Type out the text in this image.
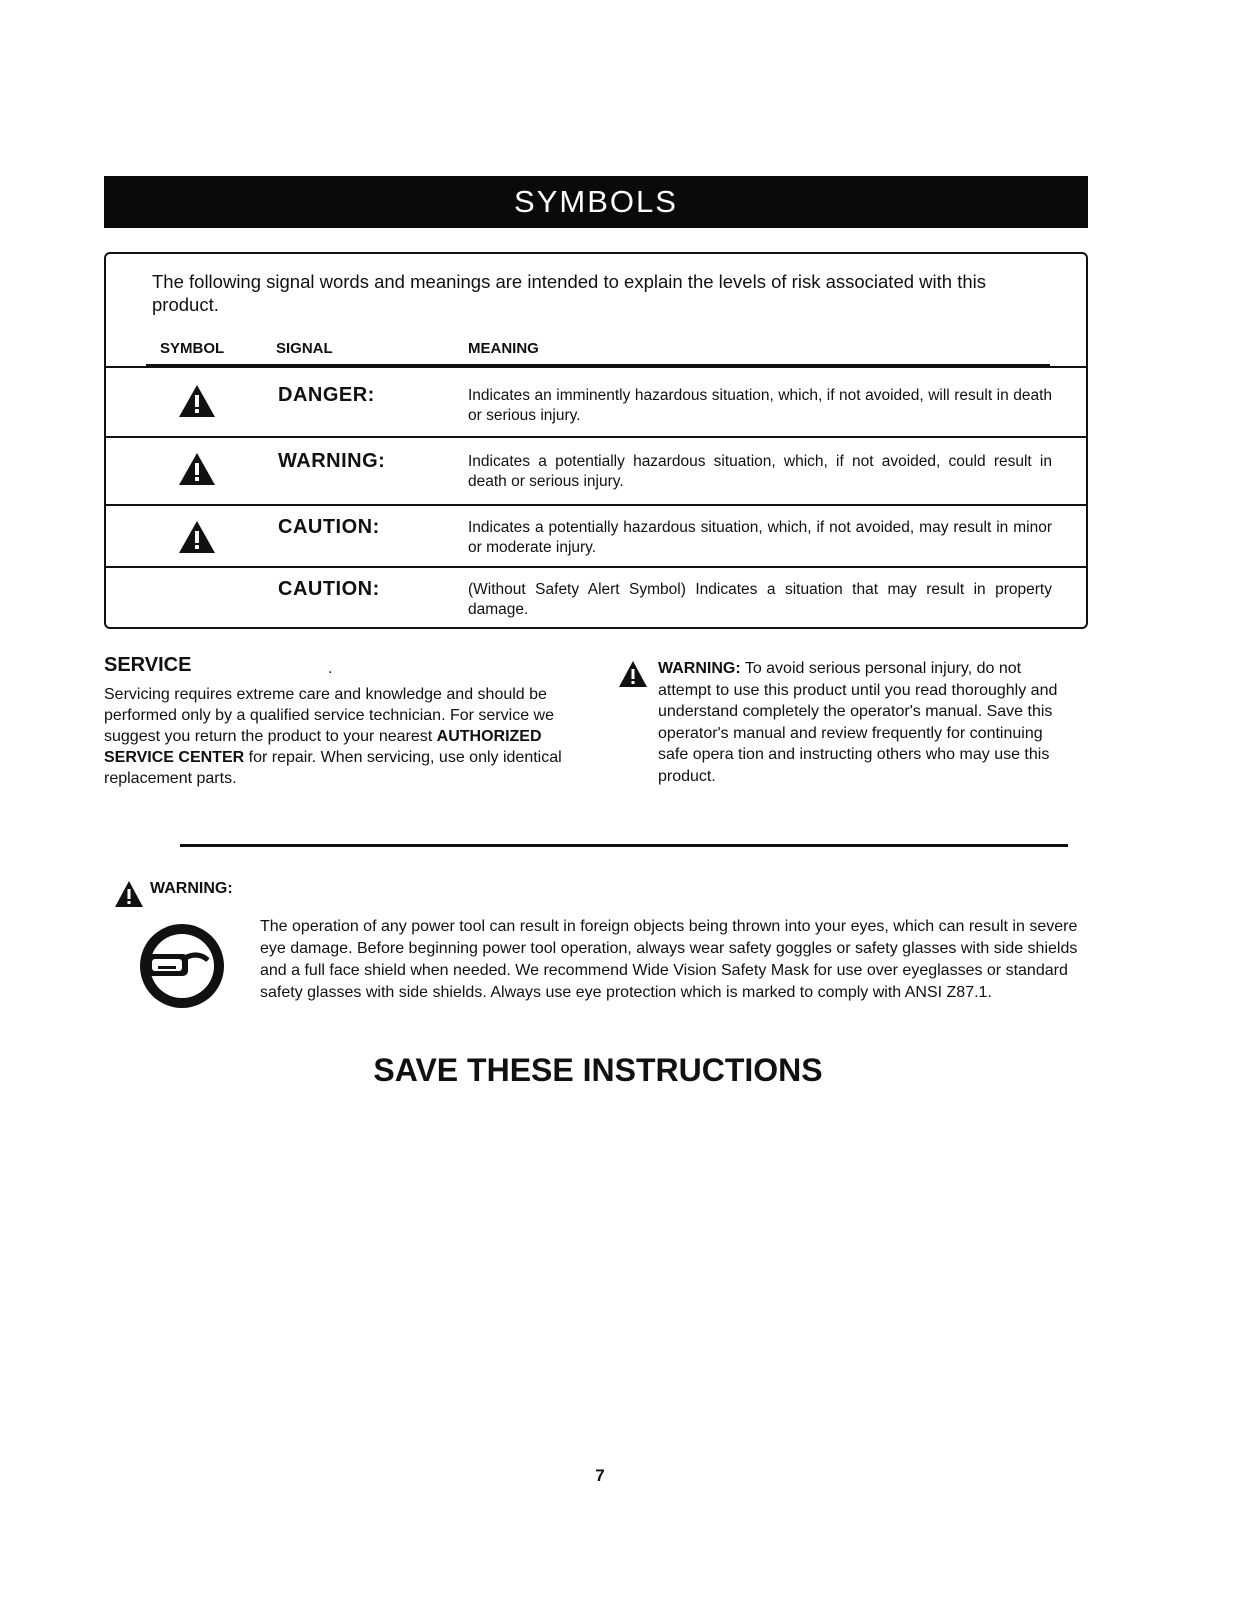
SYMBOLS
The following signal words and meanings are intended to explain the levels of risk associated with this product.
SYMBOL	SIGNAL	MEANING
DANGER:	Indicates an imminently hazardous situation, which, if not avoided, will result in death or serious injury.
WARNING:	Indicates a potentially hazardous situation, which, if not avoided, could result in death or serious injury.
CAUTION:	Indicates a potentially hazardous situation, which, if not avoided, may result in minor or moderate injury.
CAUTION:	(Without Safety Alert Symbol) Indicates a situation that may result in property damage.
SERVICE	.
Servicing requires extreme care and knowledge and should be performed only by a qualified service technician. For service we suggest you return the product to your nearest AUTHORIZED SERVICE CENTER for repair. When servicing, use only identical replacement parts.
WARNING: To avoid serious personal injury, do not attempt to use this product until you read thoroughly and understand completely the operator's manual. Save this operator's manual and review frequently for continuing safe opera tion and instructing others who may use this product.
WARNING:
The operation of any power tool can result in foreign objects being thrown into your eyes, which can result in severe eye damage. Before beginning power tool operation, always wear safety goggles or safety glasses with side shields and a full face shield when needed. We recommend Wide Vision Safety Mask for use over eyeglasses or standard safety glasses with side shields. Always use eye protection which is marked to comply with ANSI Z87.1.
SAVE THESE INSTRUCTIONS
7
